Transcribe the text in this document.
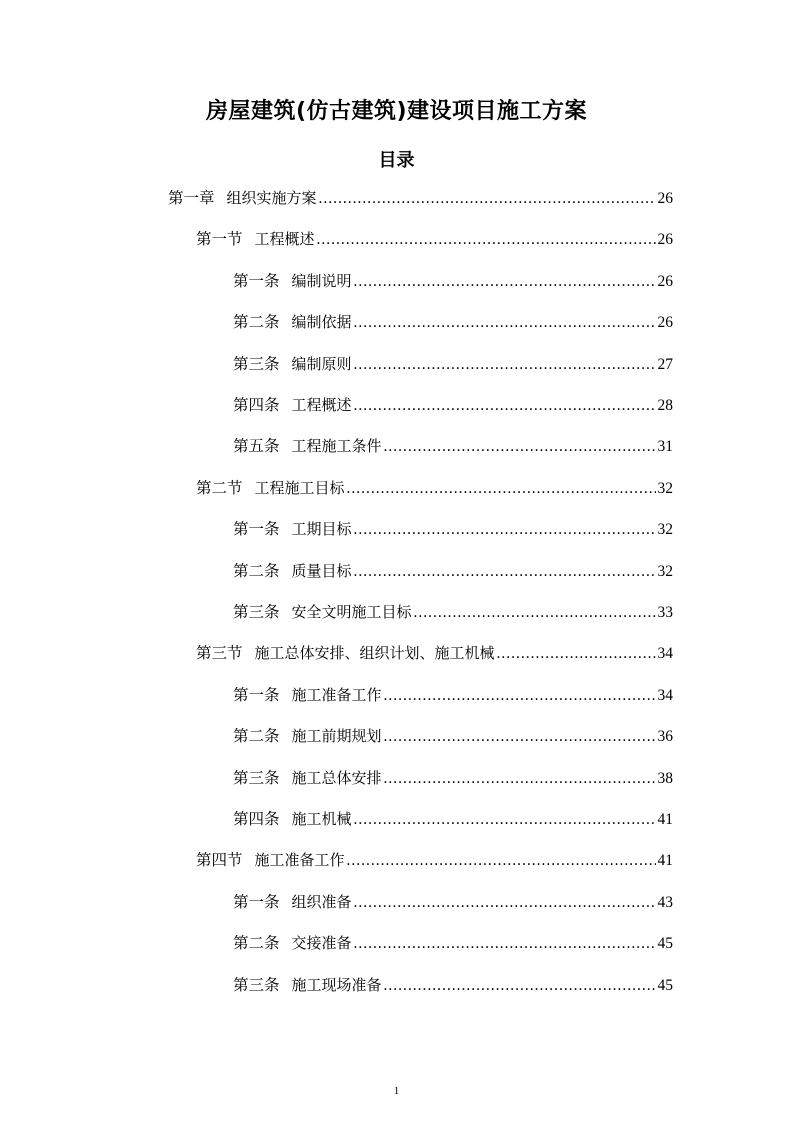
房屋建筑(仿古建筑)建设项目施工方案
目录
第一章 组织实施方案 .....	26
第一节 工程概述 .....	26
第一条 编制说明 .....	26
第二条 编制依据 .....	26
第三条 编制原则 .....	27
第四条 工程概述 .....	28
第五条 工程施工条件 .....	31
第二节 工程施工目标 .....	32
第一条 工期目标 .....	32
第二条 质量目标 .....	32
第三条 安全文明施工目标 .....	33
第三节 施工总体安排、组织计划、施工机械 .....	34
第一条 施工准备工作 .....	34
第二条 施工前期规划 .....	36
第三条 施工总体安排 .....	38
第四条 施工机械 .....	41
第四节 施工准备工作 .....	41
第一条 组织准备 .....	43
第二条 交接准备 .....	45
第三条 施工现场准备 .....	45
1
